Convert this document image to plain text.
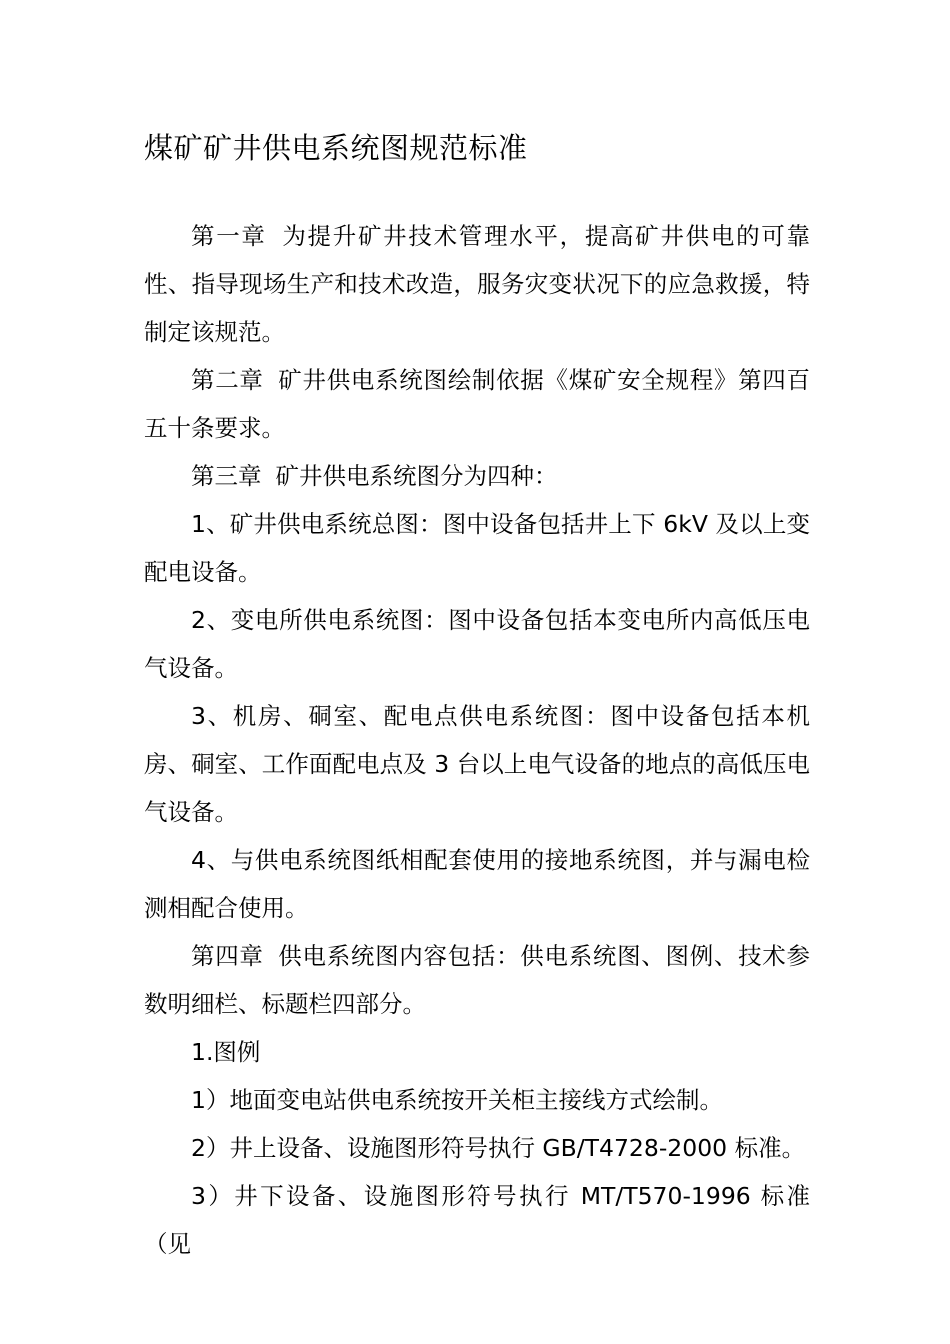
煤矿矿井供电系统图规范标准

第一章 为提升矿井技术管理水平，提高矿井供电的可靠性、指导现场生产和技术改造，服务灾变状况下的应急救援，特制定该规范。

第二章 矿井供电系统图绘制依据《煤矿安全规程》第四百五十条要求。

第三章 矿井供电系统图分为四种：

1、矿井供电系统总图：图中设备包括井上下 6kV 及以上变配电设备。

2、变电所供电系统图：图中设备包括本变电所内高低压电气设备。

3、机房、硐室、配电点供电系统图：图中设备包括本机房、硐室、工作面配电点及 3 台以上电气设备的地点的高低压电气设备。

4、与供电系统图纸相配套使用的接地系统图，并与漏电检测相配合使用。

第四章 供电系统图内容包括：供电系统图、图例、技术参数明细栏、标题栏四部分。

1.图例

1）地面变电站供电系统按开关柜主接线方式绘制。

2）井上设备、设施图形符号执行 GB/T4728-2000 标准。

3）井下设备、设施图形符号执行 MT/T570-1996 标准（见
